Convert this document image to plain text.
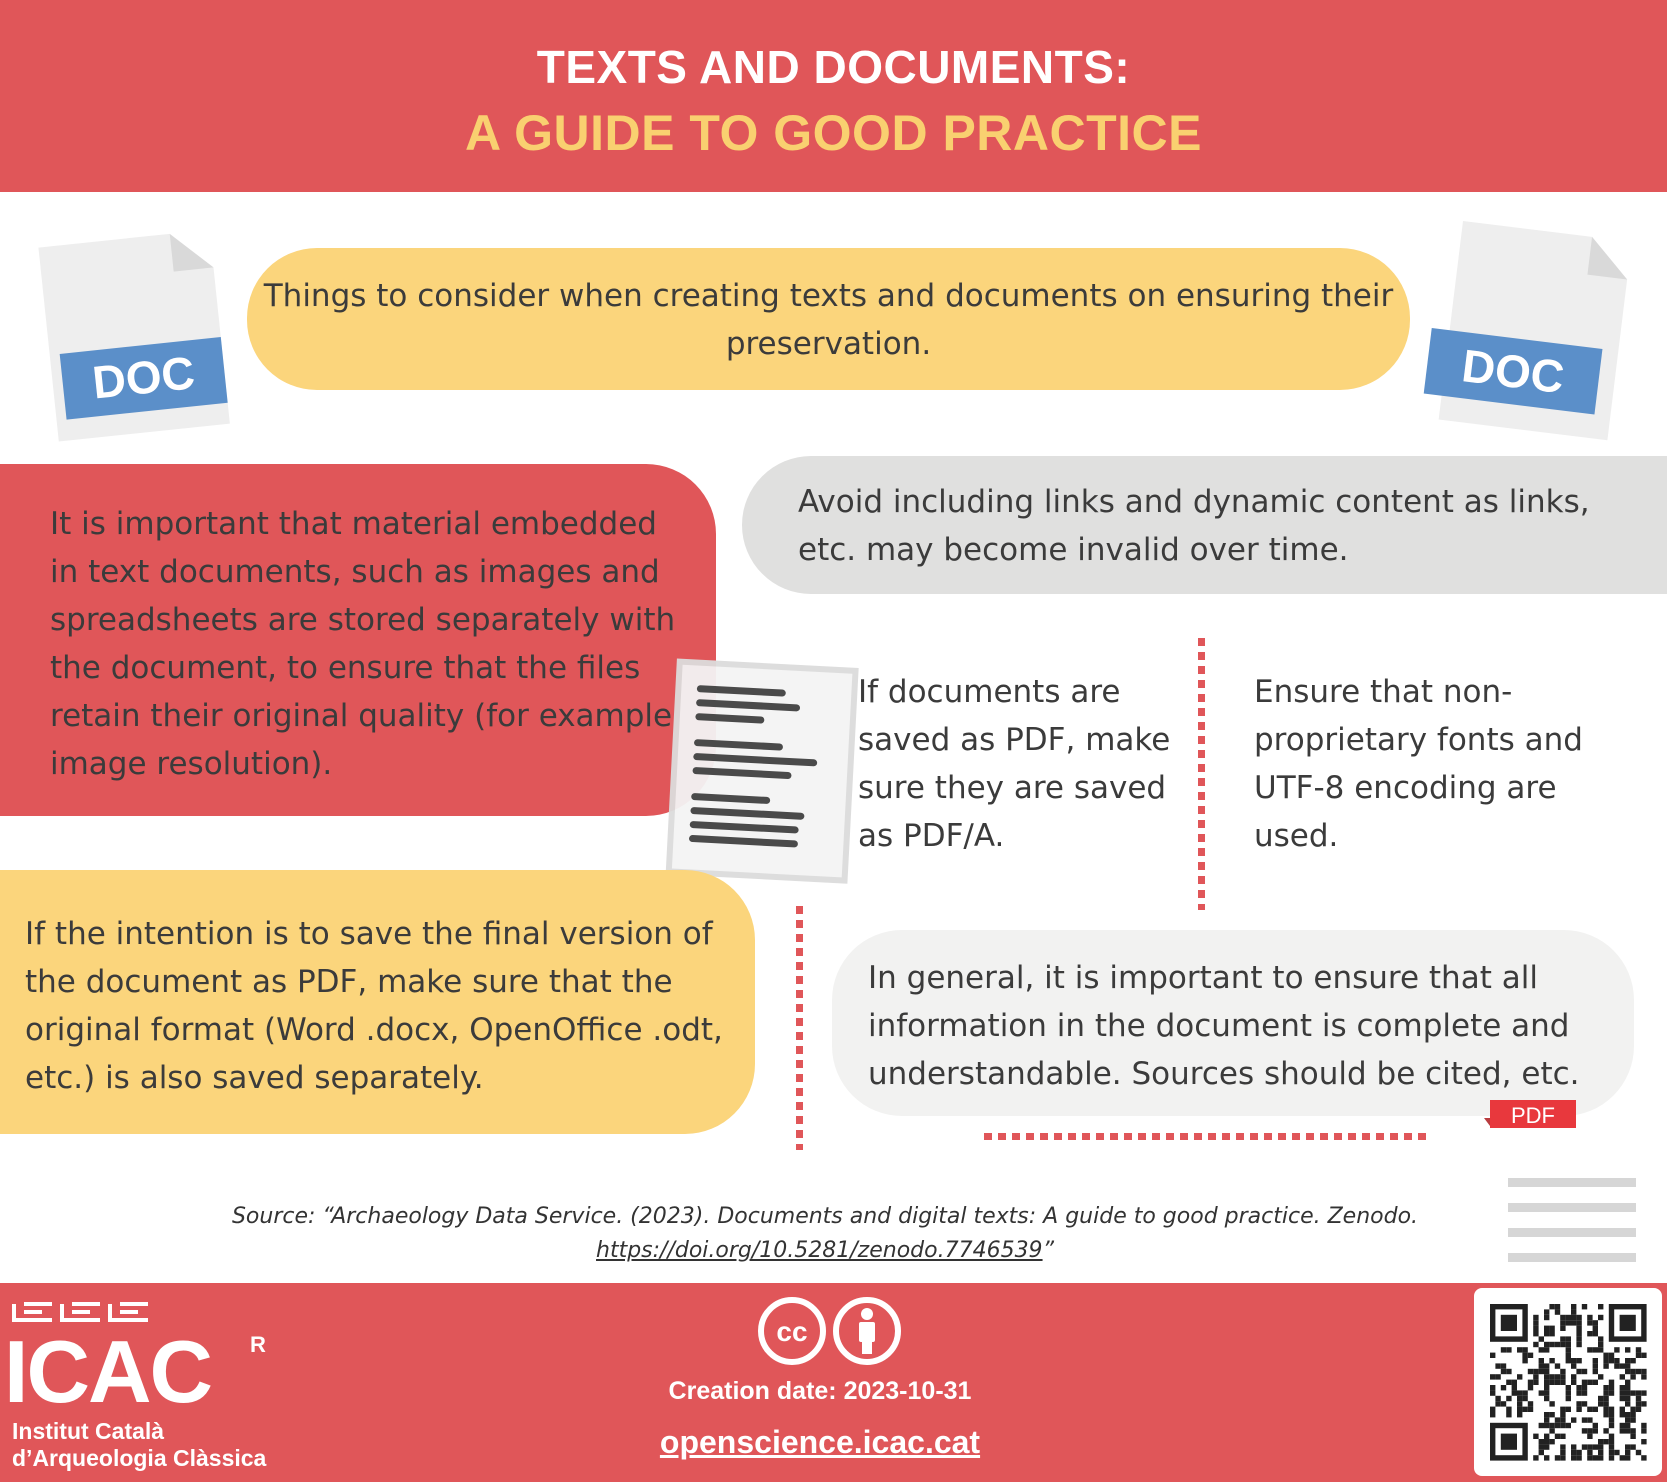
TEXTS AND DOCUMENTS:
A GUIDE TO GOOD PRACTICE
DOC	DOC
Things to consider when creating texts and documents on ensuring their preservation.
It is important that material embedded in text documents, such as images and spreadsheets are stored separately with the document, to ensure that the files retain their original quality (for example image resolution).
Avoid including links and dynamic content as links, etc. may become invalid over time.
If documents are saved as PDF, make sure they are saved as PDF/A.
Ensure that non-proprietary fonts and UTF-8 encoding are used.
If the intention is to save the final version of the document as PDF, make sure that the original format (Word .docx, OpenOffice .odt, etc.) is also saved separately.
In general, it is important to ensure that all information in the document is complete and understandable. Sources should be cited, etc.
PDF
Source: “Archaeology Data Service. (2023). Documents and digital texts: A guide to good practice. Zenodo.
https://doi.org/10.5281/zenodo.7746539”
ICAC R
Institut Català
d’Arqueologia Clàssica
cc
Creation date: 2023-10-31
openscience.icac.cat
